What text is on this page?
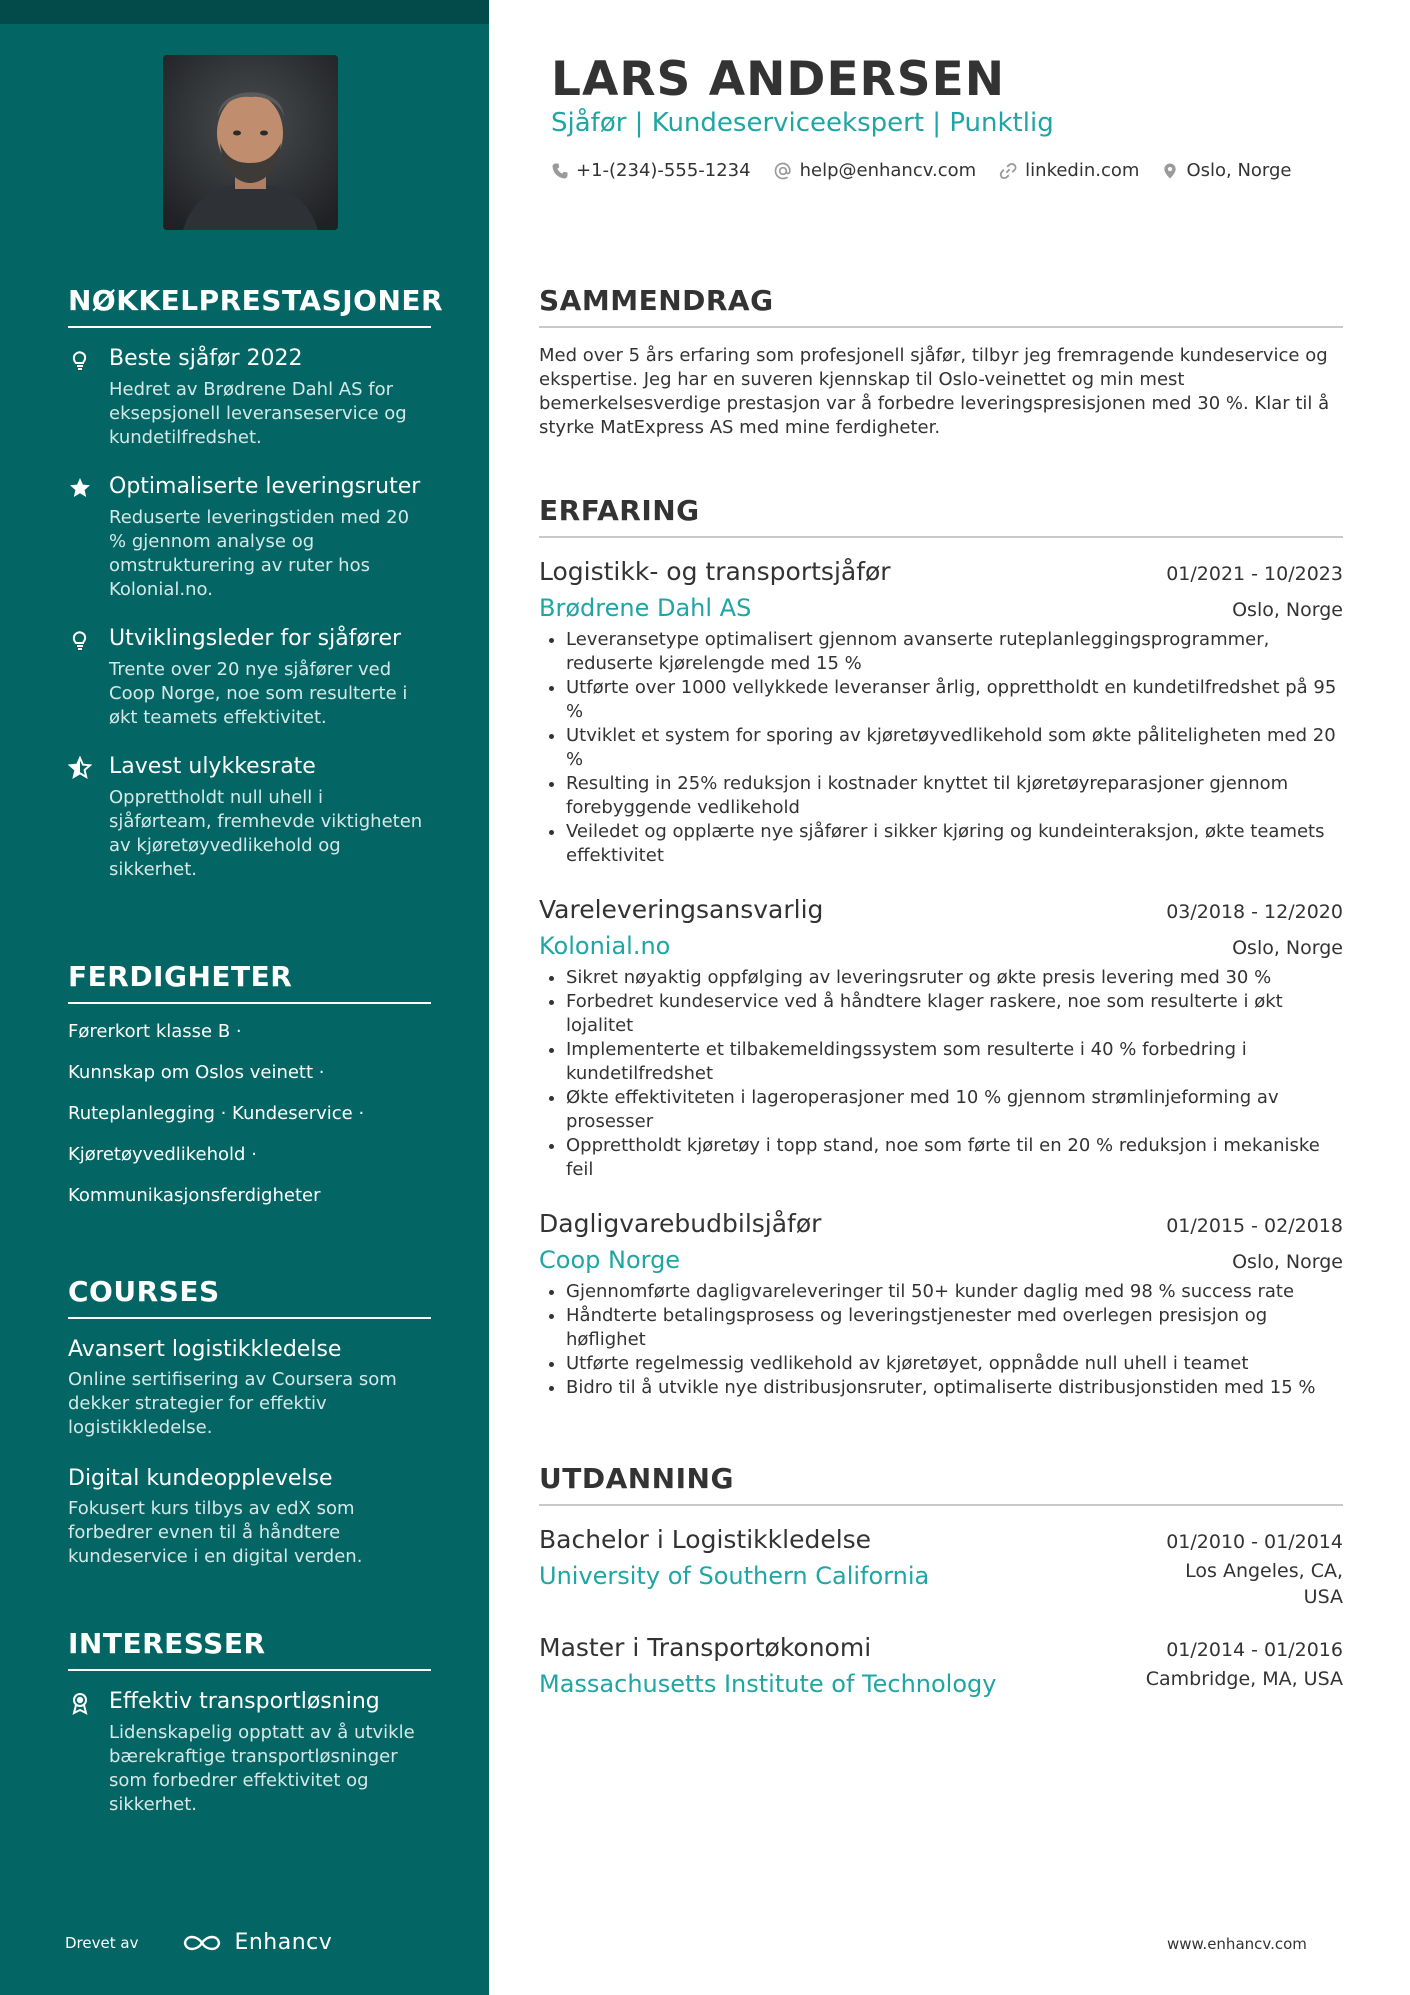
NØKKELPRESTASJONER
Beste sjåfør 2022
Hedret av Brødrene Dahl AS for eksepsjonell leveranseservice og kundetilfredshet.
Optimaliserte leveringsruter
Reduserte leveringstiden med 20 % gjennom analyse og omstrukturering av ruter hos Kolonial.no.
Utviklingsleder for sjåfører
Trente over 20 nye sjåfører ved Coop Norge, noe som resulterte i økt teamets effektivitet.
Lavest ulykkesrate
Opprettholdt null uhell i sjåførteam, fremhevde viktigheten av kjøretøyvedlikehold og sikkerhet.
FERDIGHETER
Førerkort klasse B ·
Kunnskap om Oslos veinett ·
Ruteplanlegging · Kundeservice ·
Kjøretøyvedlikehold ·
Kommunikasjonsferdigheter
COURSES
Avansert logistikkledelse
Online sertifisering av Coursera som dekker strategier for effektiv logistikkledelse.
Digital kundeopplevelse
Fokusert kurs tilbys av edX som forbedrer evnen til å håndtere kundeservice i en digital verden.
INTERESSER
Effektiv transportløsning
Lidenskapelig opptatt av å utvikle bærekraftige transportløsninger som forbedrer effektivitet og sikkerhet.
Drevet av	Enhancv
LARS ANDERSEN
Sjåfør | Kundeserviceekspert | Punktlig
+1-(234)-555-1234	help@enhancv.com	linkedin.com	Oslo, Norge
SAMMENDRAG

Med over 5 års erfaring som profesjonell sjåfør, tilbyr jeg fremragende kundeservice og ekspertise. Jeg har en suveren kjennskap til Oslo-veinettet og min mest bemerkelsesverdige prestasjon var å forbedre leveringspresisjonen med 30 %. Klar til å styrke MatExpress AS med mine ferdigheter.

ERFARING
Logistikk- og transportsjåfør	01/2021 - 10/2023
Brødrene Dahl AS	Oslo, Norge
Leveransetype optimalisert gjennom avanserte ruteplanleggingsprogrammer, reduserte kjørelengde med 15 %
Utførte over 1000 vellykkede leveranser årlig, opprettholdt en kundetilfredshet på 95 %
Utviklet et system for sporing av kjøretøyvedlikehold som økte påliteligheten med 20 %
Resulting in 25% reduksjon i kostnader knyttet til kjøretøyreparasjoner gjennom forebyggende vedlikehold
Veiledet og opplærte nye sjåfører i sikker kjøring og kundeinteraksjon, økte teamets effektivitet
Vareleveringsansvarlig	03/2018 - 12/2020
Kolonial.no	Oslo, Norge
Sikret nøyaktig oppfølging av leveringsruter og økte presis levering med 30 %
Forbedret kundeservice ved å håndtere klager raskere, noe som resulterte i økt lojalitet
Implementerte et tilbakemeldingssystem som resulterte i 40 % forbedring i kundetilfredshet
Økte effektiviteten i lageroperasjoner med 10 % gjennom strømlinjeforming av prosesser
Opprettholdt kjøretøy i topp stand, noe som førte til en 20 % reduksjon i mekaniske feil
Dagligvarebudbilsjåfør	01/2015 - 02/2018
Coop Norge	Oslo, Norge
Gjennomførte dagligvareleveringer til 50+ kunder daglig med 98 % success rate
Håndterte betalingsprosess og leveringstjenester med overlegen presisjon og høflighet
Utførte regelmessig vedlikehold av kjøretøyet, oppnådde null uhell i teamet
Bidro til å utvikle nye distribusjonsruter, optimaliserte distribusjonstiden med 15 %
UTDANNING
Bachelor i Logistikkledelse	01/2010 - 01/2014
University of Southern California	Los Angeles, CA,
USA
Master i Transportøkonomi	01/2014 - 01/2016
Massachusetts Institute of Technology	Cambridge, MA, USA
www.enhancv.com
